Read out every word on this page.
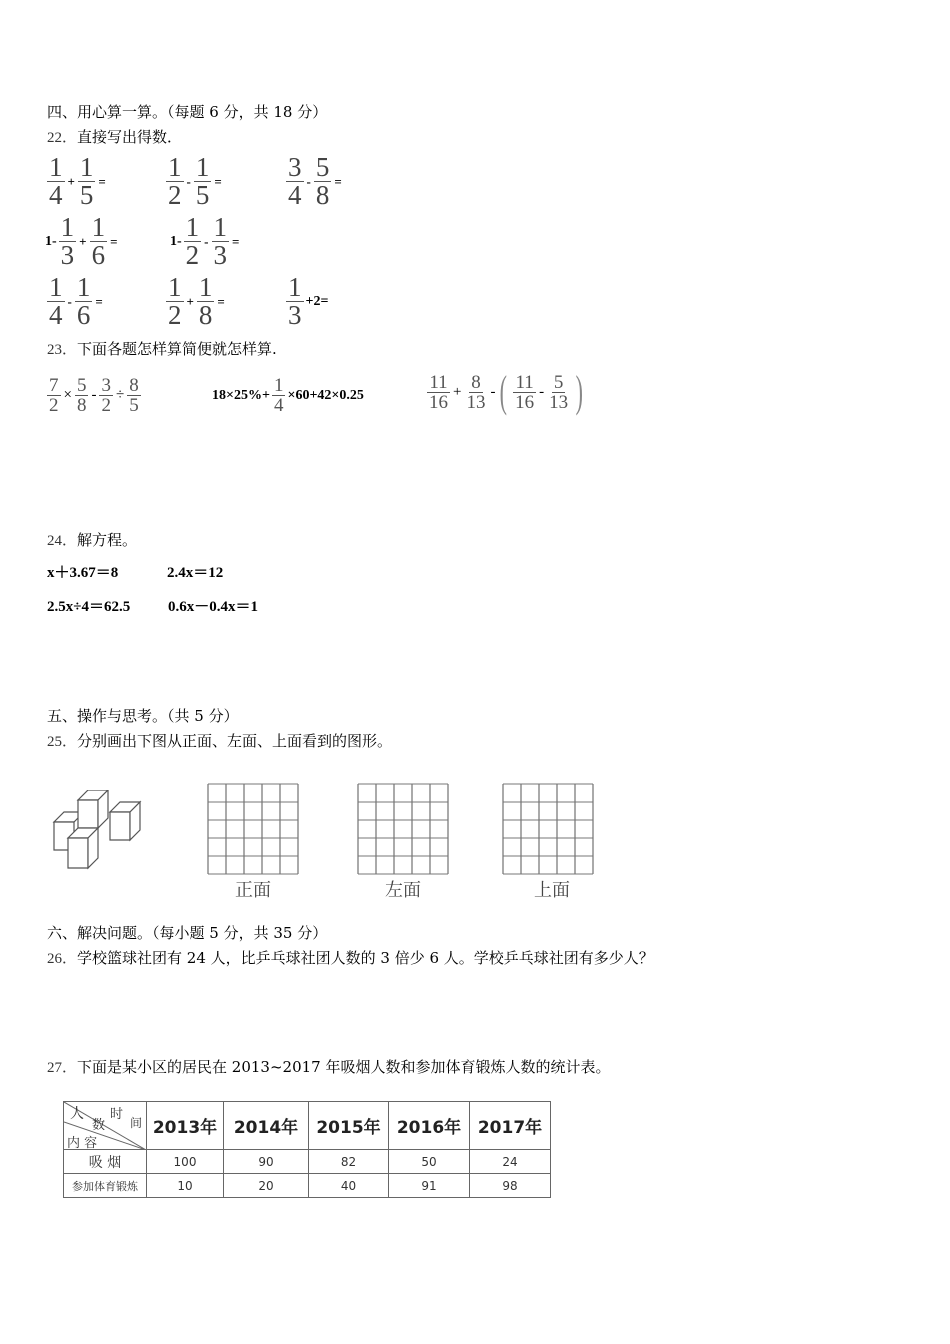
四、用心算一算。（每题 6 分，共 18 分）
22．直接写出得数．
$\frac{1}{4} + \frac{1}{5} = \frac{1}{2} - \frac{1}{5} = \frac{3}{4} - \frac{5}{8}$ =
$1- \frac{1}{3} + \frac{1}{6}$ =	$1- \frac{1}{2} - \frac{1}{3}$ =
$\frac{1}{4} - \frac{1}{6} = \frac{1}{2} + \frac{1}{8} = \frac{1}{3} +2=$
23．下面各题怎样算简便就怎样算.
$\frac{7}{2} \times \frac{5}{8} - \frac{3}{2} \div \frac{8}{5}$	$18\times 25\%+ \frac{1}{4} \times 60+42\times 0.25$	$\frac{11}{16} + \frac{8}{13}$ - ( $\frac{11}{16} - \frac{5}{13}$ )
24．解方程。
x＋3.67＝8	2.4x＝12
2.5x÷4＝62.5	0.6x－0.4x＝1
五、操作与思考。（共 5 分）
25．分别画出下图从正面、左面、上面看到的图形。
正面	左面	上面
六、解决问题。（每小题 5 分，共 35 分）
26．学校篮球社团有 24 人，比乒乓球社团人数的 3 倍少 6 人。学校乒乓球社团有多少人？
27．下面是某小区的居民在 2013~2017 年吸烟人数和参加体育锻炼人数的统计表。
时
间
人
数
内 容	2013年	2014年	2015年	2016年	2017年
吸 烟	100	90	82	50	24
参加体育锻炼	10	20	40	91	98
